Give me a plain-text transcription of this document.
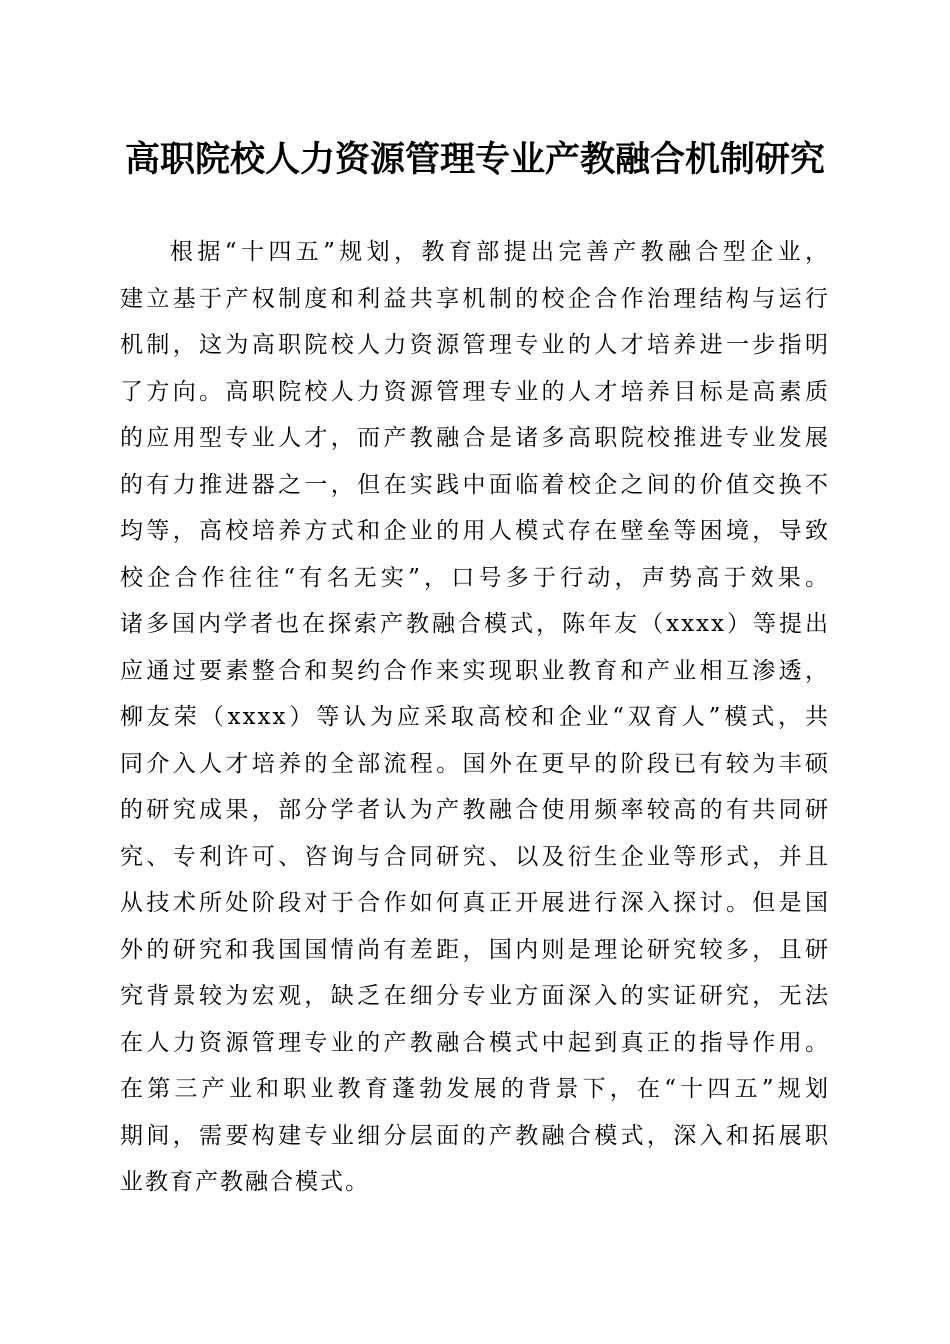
高职院校人力资源管理专业产教融合机制研究
根据“十四五”规划，教育部提出完善产教融合型企业，
建立基于产权制度和利益共享机制的校企合作治理结构与运行
机制，这为高职院校人力资源管理专业的人才培养进一步指明
了方向。高职院校人力资源管理专业的人才培养目标是高素质
的应用型专业人才，而产教融合是诸多高职院校推进专业发展
的有力推进器之一，但在实践中面临着校企之间的价值交换不
均等，高校培养方式和企业的用人模式存在壁垒等困境，导致
校企合作往往“有名无实”，口号多于行动，声势高于效果。
诸多国内学者也在探索产教融合模式，陈年友（xxxx）等提出
应通过要素整合和契约合作来实现职业教育和产业相互渗透，
柳友荣（xxxx）等认为应采取高校和企业“双育人”模式，共
同介入人才培养的全部流程。国外在更早的阶段已有较为丰硕
的研究成果，部分学者认为产教融合使用频率较高的有共同研
究、专利许可、咨询与合同研究、以及衍生企业等形式，并且
从技术所处阶段对于合作如何真正开展进行深入探讨。但是国
外的研究和我国国情尚有差距，国内则是理论研究较多，且研
究背景较为宏观，缺乏在细分专业方面深入的实证研究，无法
在人力资源管理专业的产教融合模式中起到真正的指导作用。
在第三产业和职业教育蓬勃发展的背景下，在“十四五”规划
期间，需要构建专业细分层面的产教融合模式，深入和拓展职
业教育产教融合模式。
